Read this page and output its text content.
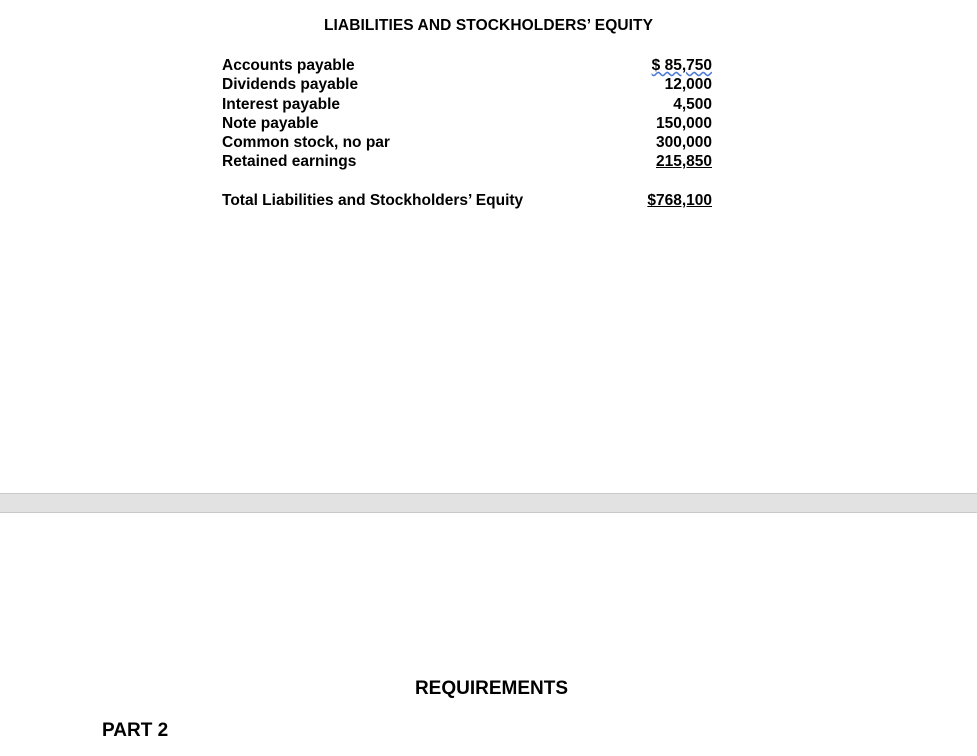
LIABILITIES AND STOCKHOLDERS’ EQUITY
Accounts payable	$ 85,750
Dividends payable	12,000
Interest payable	4,500
Note payable	150,000
Common stock, no par	300,000
Retained earnings	215,850
Total Liabilities and Stockholders’ Equity	$768,100
REQUIREMENTS
PART 2
